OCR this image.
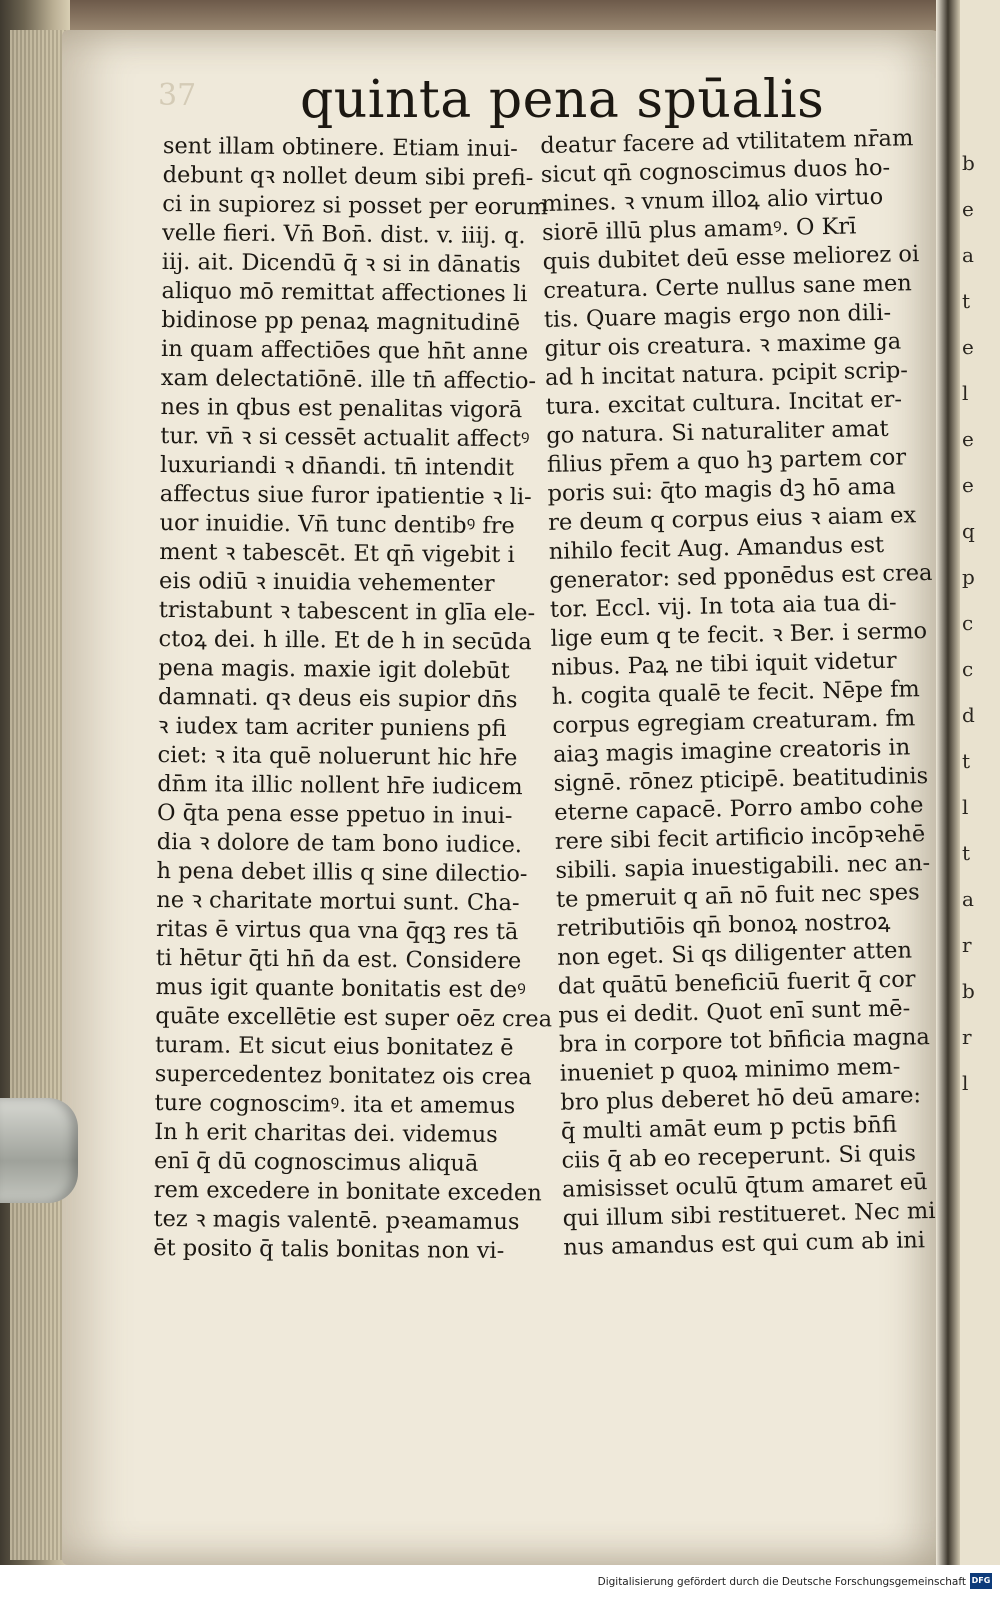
37 quinta pena spūalis
sent illam obtinere. Etiam inui-
debunt qꝛ nollet deum sibi prefi-
ci in supiorez si posset per eorum
velle fieri. Vn̄ Bon̄. dist. v. iiij. q.
iij. ait. Dicendū q̄ ꝛ si in dānatis
aliquo mō remittat affectiones li
bidinose pp penaꝝ magnitudinē
in quam affectiōes que hn̄t anne
xam delectatiōnē. ille tn̄ affectio-
nes in qbus est penalitas vigorā
tur. vn̄ ꝛ si cessēt actualit affectꝰ
luxuriandi ꝛ dn̄andi. tn̄ intendit
affectus siue furor ipatientie ꝛ li-
uor inuidie. Vn̄ tunc dentibꝰ fre
ment ꝛ tabescēt. Et qn̄ vigebit i
eis odiū ꝛ inuidia vehementer
tristabunt ꝛ tabescent in glīa ele-
ctoꝝ dei. h ille. Et de h in secūda
pena magis. maxie igit dolebūt
damnati. qꝛ deus eis supior dn̄s
ꝛ iudex tam acriter puniens pfi
ciet: ꝛ ita quē noluerunt hic hr̄e
dn̄m ita illic nollent hr̄e iudicem
O q̄ta pena esse ppetuo in inui-
dia ꝛ dolore de tam bono iudice.
h pena debet illis q sine dilectio-
ne ꝛ charitate mortui sunt. Cha-
ritas ē virtus qua vna q̄qꝫ res tā
ti hētur q̄ti hn̄ da est. Considere
mus igit quante bonitatis est deꝰ
quāte excellētie est super oēz crea
turam. Et sicut eius bonitatez ē
supercedentez bonitatez ois crea
ture cognoscimꝰ. ita et amemus
In h erit charitas dei. videmus
enī q̄ dū cognoscimus aliquā
rem excedere in bonitate exceden
tez ꝛ magis valentē. pꝛeamamus
ēt posito q̄ talis bonitas non vi-
deatur facere ad vtilitatem nr̄am
sicut qn̄ cognoscimus duos ho-
mines. ꝛ vnum illoꝝ alio virtuo
siorē illū plus amamꝰ. O Krī
quis dubitet deū esse meliorez oi
creatura. Certe nullus sane men
tis. Quare magis ergo non dili-
gitur ois creatura. ꝛ maxime ga
ad h incitat natura. pcipit scrip-
tura. excitat cultura. Incitat er-
go natura. Si naturaliter amat
filius pr̄em a quo hꝫ partem cor
poris sui: q̄to magis dꝫ hō ama
re deum q corpus eius ꝛ aiam ex
nihilo fecit Aug. Amandus est
generator: sed pponēdus est crea
tor. Eccl. vij. In tota aia tua di-
lige eum q te fecit. ꝛ Ber. i sermo
nibus. Paꝝ ne tibi iquit videtur
h. cogita qualē te fecit. Nēpe fm
corpus egregiam creaturam. fm
aiaꝫ magis imagine creatoris in
signē. rōnez pticipē. beatitudinis
eterne capacē. Porro ambo cohe
rere sibi fecit artificio incōpꝛehē
sibili. sapia inuestigabili. nec an-
te pmeruit q an̄ nō fuit nec spes
retributiōis qn̄ bonoꝝ nostroꝝ
non eget. Si qs diligenter atten
dat quātū beneficiū fuerit q̄ cor
pus ei dedit. Quot enī sunt mē-
bra in corpore tot bn̄ficia magna
inueniet p quoꝝ minimo mem-
bro plus deberet hō deū amare:
q̄ multi amāt eum p pctis bn̄fi
ciis q̄ ab eo receperunt. Si quis
amisisset oculū q̄tum amaret eū
qui illum sibi restitueret. Nec mi
nus amandus est qui cum ab ini
b
e
a
t
e
l
e
e
q
p
c
c
d
t
l
t
a
r
b
r
l
Digitalisierung gefördert durch die Deutsche Forschungsgemeinschaft DFG
